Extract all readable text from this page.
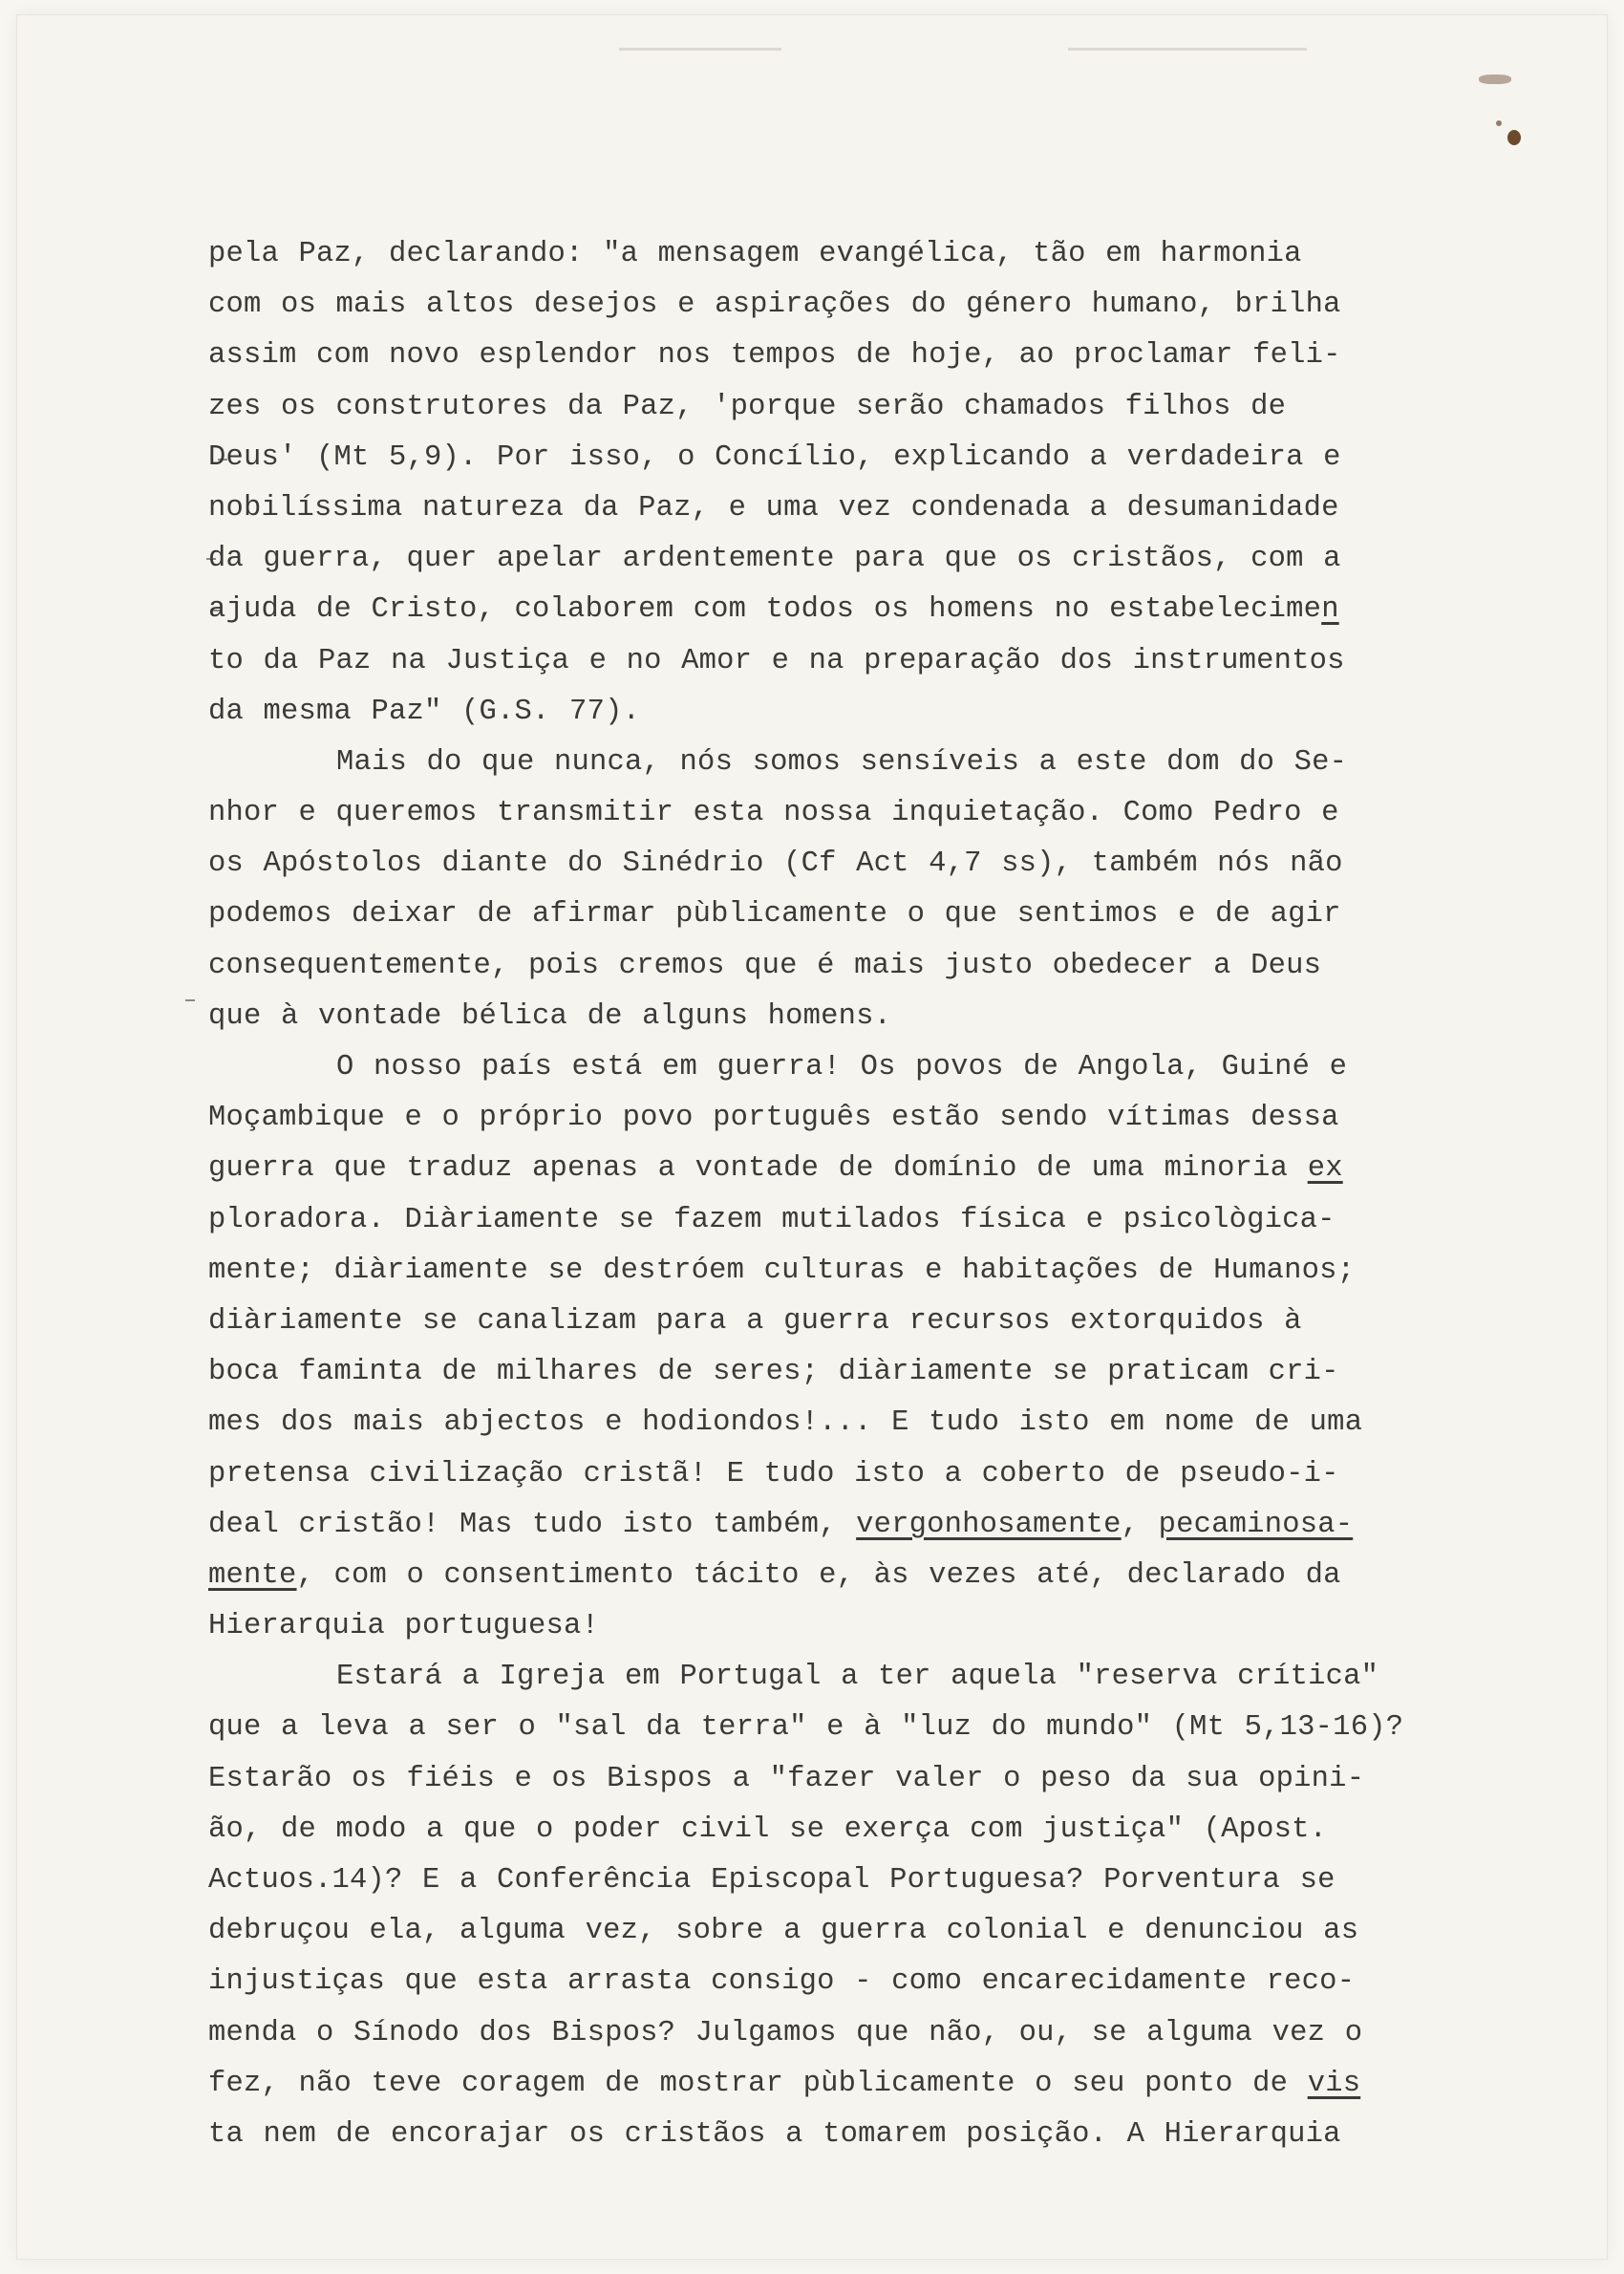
pela Paz, declarando: "a mensagem evangélica, tão em harmonia
com os mais altos desejos e aspirações do género humano, brilha
assim com novo esplendor nos tempos de hoje, ao proclamar feli-
zes os construtores da Paz, 'porque serão chamados filhos de
Deus' (Mt 5,9). Por isso, o Concílio, explicando a verdadeira e
nobilíssima natureza da Paz, e uma vez condenada a desumanidade
da guerra, quer apelar ardentemente para que os cristãos, com a
ajuda de Cristo, colaborem com todos os homens no estabelecimen
to da Paz na Justiça e no Amor e na preparação dos instrumentos
da mesma Paz" (G.S. 77).
Mais do que nunca, nós somos sensíveis a este dom do Se-
nhor e queremos transmitir esta nossa inquietação. Como Pedro e
os Apóstolos diante do Sinédrio (Cf Act 4,7 ss), também nós não
podemos deixar de afirmar pùblicamente o que sentimos e de agir
consequentemente, pois cremos que é mais justo obedecer a Deus
que à vontade bélica de alguns homens.
O nosso país está em guerra! Os povos de Angola, Guiné e
Moçambique e o próprio povo português estão sendo vítimas dessa
guerra que traduz apenas a vontade de domínio de uma minoria ex
ploradora. Diàriamente se fazem mutilados física e psicològica-
mente; diàriamente se destróem culturas e habitações de Humanos;
diàriamente se canalizam para a guerra recursos extorquidos à
boca faminta de milhares de seres; diàriamente se praticam cri-
mes dos mais abjectos e hodiondos!... E tudo isto em nome de uma
pretensa civilização cristã! E tudo isto a coberto de pseudo-i-
deal cristão! Mas tudo isto também, vergonhosamente, pecaminosa-
mente, com o consentimento tácito e, às vezes até, declarado da
Hierarquia portuguesa!
Estará a Igreja em Portugal a ter aquela "reserva crítica"
que a leva a ser o "sal da terra" e à "luz do mundo" (Mt 5,13-16)?
Estarão os fiéis e os Bispos a "fazer valer o peso da sua opini-
ão, de modo a que o poder civil se exerça com justiça" (Apost.
Actuos.14)? E a Conferência Episcopal Portuguesa? Porventura se
debruçou ela, alguma vez, sobre a guerra colonial e denunciou as
injustiças que esta arrasta consigo - como encarecidamente reco-
menda o Sínodo dos Bispos? Julgamos que não, ou, se alguma vez o
fez, não teve coragem de mostrar pùblicamente o seu ponto de vis
ta nem de encorajar os cristãos a tomarem posição. A Hierarquia
